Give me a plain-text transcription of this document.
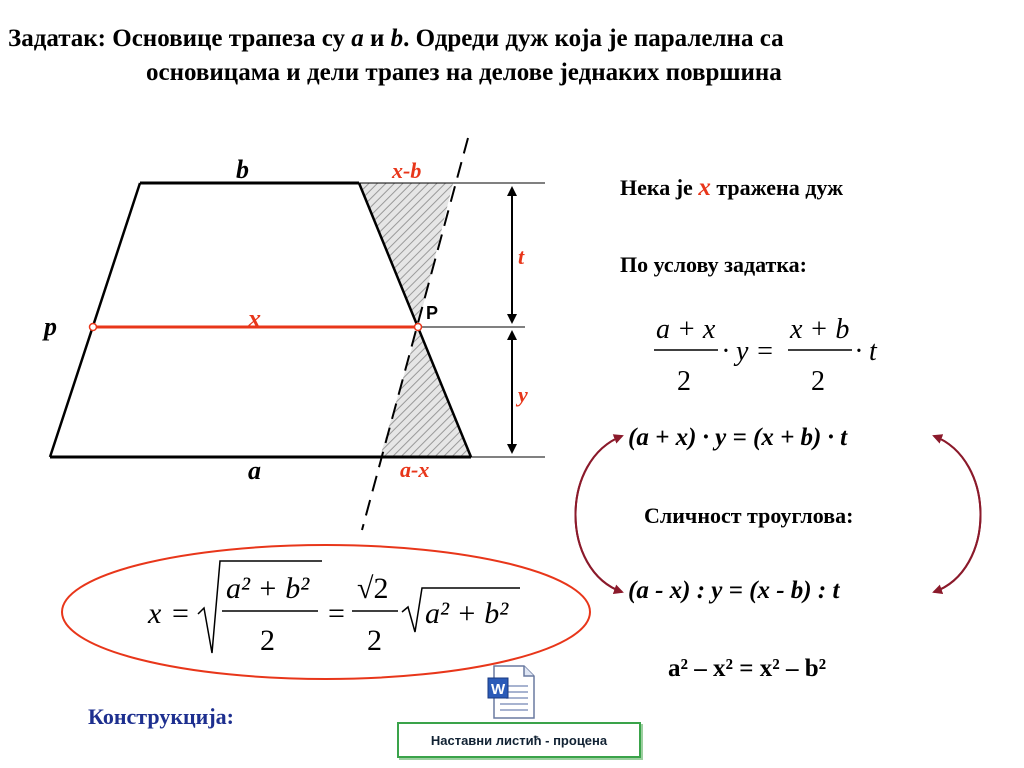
Задатак: Основице трапеза су a и b. Одреди дуж која је паралелна са
основицама и дели трапез на делове једнаких површина
x =
a² + b²
2
=
√2
2
a² + b²
a + x
2
· y =
x + b
2
· t
b
a
p	P
x
t
y
x-b
a-x
Нека је x тражена дуж
По услову задатка:
(a + x) · y = (x + b) · t
Сличност троуглова:
(a - x) : y = (x - b) : t
a² – x² = x² – b²
Конструкција:
W
Наставни листић - процена
